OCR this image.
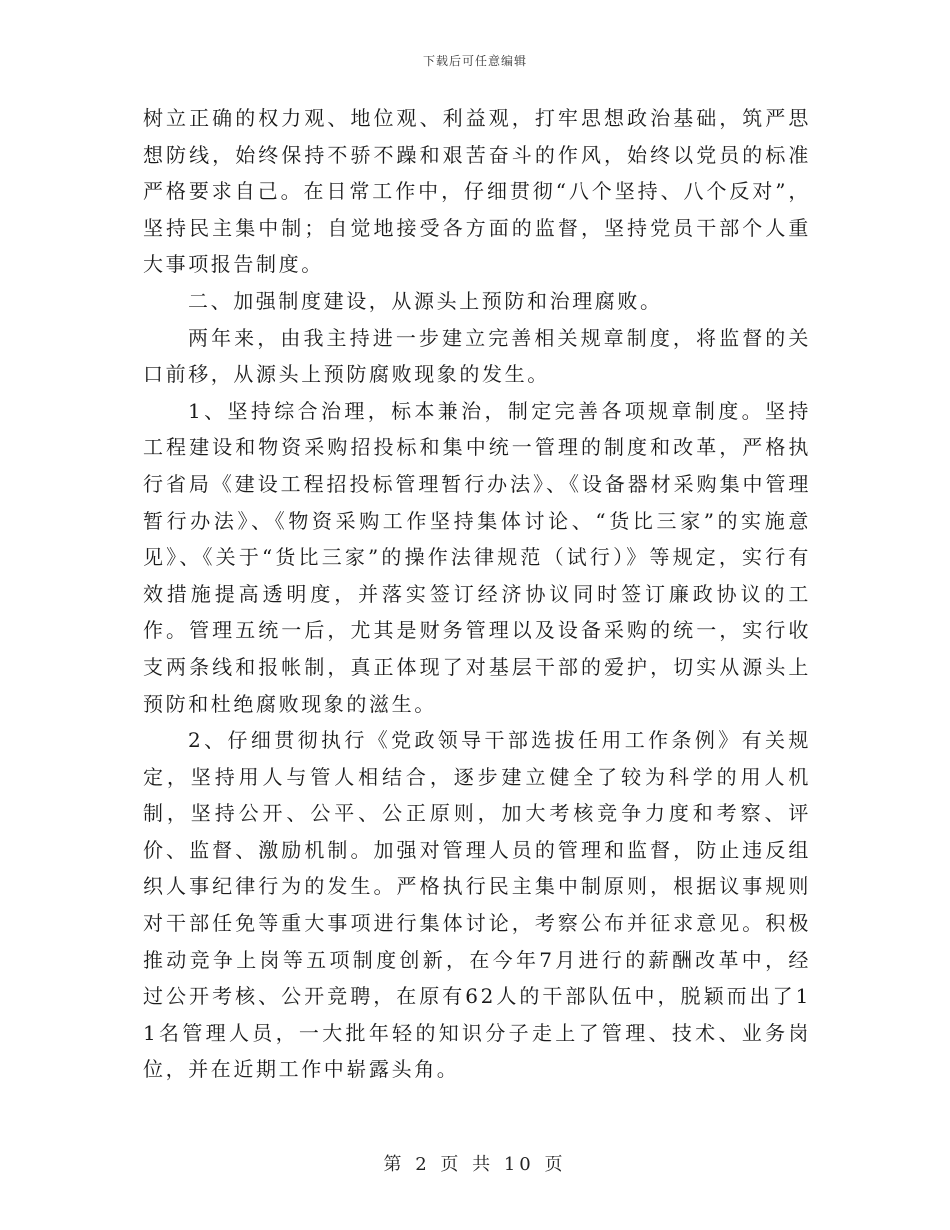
下载后可任意编辑

树立正确的权力观、地位观、利益观，打牢思想政治基础，筑严思想防线，始终保持不骄不躁和艰苦奋斗的作风，始终以党员的标准严格要求自己。在日常工作中，仔细贯彻“八个坚持、八个反对”，坚持民主集中制；自觉地接受各方面的监督，坚持党员干部个人重大事项报告制度。

二、加强制度建设，从源头上预防和治理腐败。

两年来，由我主持进一步建立完善相关规章制度，将监督的关口前移，从源头上预防腐败现象的发生。

1、坚持综合治理，标本兼治，制定完善各项规章制度。坚持工程建设和物资采购招投标和集中统一管理的制度和改革，严格执行省局《建设工程招投标管理暂行办法》、《设备器材采购集中管理暂行办法》、《物资采购工作坚持集体讨论、“货比三家”的实施意见》、《关于“货比三家”的操作法律规范（试行）》等规定，实行有效措施提高透明度，并落实签订经济协议同时签订廉政协议的工作。管理五统一后，尤其是财务管理以及设备采购的统一，实行收支两条线和报帐制，真正体现了对基层干部的爱护，切实从源头上预防和杜绝腐败现象的滋生。

2、仔细贯彻执行《党政领导干部选拔任用工作条例》有关规定，坚持用人与管人相结合，逐步建立健全了较为科学的用人机制，坚持公开、公平、公正原则，加大考核竞争力度和考察、评价、监督、激励机制。加强对管理人员的管理和监督，防止违反组织人事纪律行为的发生。严格执行民主集中制原则，根据议事规则对干部任免等重大事项进行集体讨论，考察公布并征求意见。积极推动竞争上岗等五项制度创新，在今年7月进行的薪酬改革中，经过公开考核、公开竞聘，在原有62人的干部队伍中，脱颖而出了11名管理人员，一大批年轻的知识分子走上了管理、技术、业务岗位，并在近期工作中崭露头角。

第 2 页 共 10 页
